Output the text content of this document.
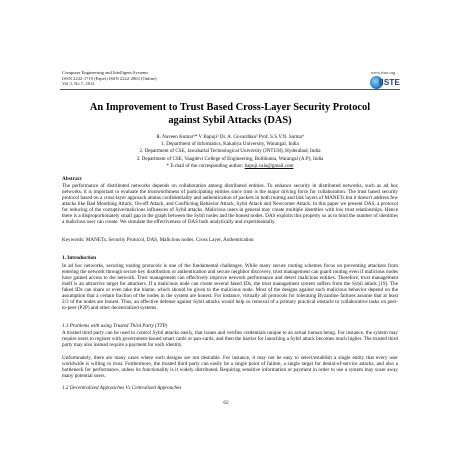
Computer Engineering and Intelligent Systems
ISSN 2222-1719 (Paper) ISSN 2222-2863 (Online)
Vol 3, No.7, 2012
www.iiste.org
IISTE
An Improvement to Trust Based Cross-Layer Security Protocol
against Sybil Attacks (DAS)
R. Naveen Kumar¹* V Bapuji² Dr. A. Govardhan³ Prof. S.S.V.N. Sarma⁴
1. Department of Informatics, Kakatiya University, Warangal, India
2. Department of CSE, Jawaharlal Technological University (JNTUH), Hyderabad, India
3. Department of CSE, Vaagdevi College of Engineering, Bollikunta, Warangal (A.P), India
* E-mail of the corresponding author: bapuji.vala@gmail.com
Abstract
The performance of distributed networks depends on collaboration among distributed entities. To enhance security in distributed networks, such as ad hoc networks, it is important to evaluate the trustworthiness of participating entities since trust is the major driving force for collaboration. The trust based security protocol based on a cross-layer approach attains confidentiality and authentication of packets in both routing and link layers of MANETs but it doesn't address few attacks like Bad Mouthing Attack, On-off Attack, and Conflicting Behavior Attack, Sybil Attack and Newcomer Attack. In this paper we present DAS, a protocol for reducing of the corruptive/malicious influences of Sybil attacks. Malicious users in general may create multiple identities with low trust relationships. Hence there is a disproportionately small gap in the graph between the Sybil nodes and the honest nodes. DAS exploits this property so as to bind the number of identities a malicious user can create. We simulate the effectiveness of DAS both analytically and experimentally.
Keywords: MANETs, Security Protocol, DAS, Malicious nodes, Cross Layer, Authentication
1. Introduction
In ad hoc networks, securing routing protocols is one of the fundamental challenges. While many secure routing schemes focus on preventing attackers from entering the network through secure key distribution or authentication and secure neighbor discovery, trust management can guard routing even if malicious nodes have gained access to the network. Trust management can effectively improve network performance and detect malicious entities. Therefore, trust management itself is an attractive target for attackers. If a malicious node can create several faked IDs, the trust management system suffers from the Sybil attack [19]. The faked IDs can share or even take the blame, which should be given to the malicious node. Most of the designs against such malicious behavior depend on the assumption that a certain fraction of the nodes in the system are honest. For instance, virtually all protocols for tolerating Byzantine failures assume that at least 2/3 of the nodes are honest. Thus, an effective defense against Sybil attacks would help us removal of a primary practical obstacle to collaborative tasks on peer-to-peer (P2P) and other decentralized systems.
1.1 Problems with using Trusted Third Party (TTP)
A trusted third party can be used to control Sybil attacks easily, that issues and verifies credentials unique to an actual human being. For instance, the system may require users to register with government-issued smart cards or pan-cards, and then the barrier for launching a Sybil attack becomes much higher. The trusted third party may also instead require a payment for each identity.
Unfortunately, there are many cases where such designs are not desirable. For instance, it may not be easy to select/establish a single entity that every user worldwide is willing to trust. Furthermore, the trusted third party can easily be a single point of failure, a single target for denial-of-service attacks, and also a bottleneck for performance, unless its functionality is it widely distributed. Requiring sensitive information or payment in order to use a system may scare away many potential users.
1.2 Decentralized Approaches Vs Centralized Approaches
62
